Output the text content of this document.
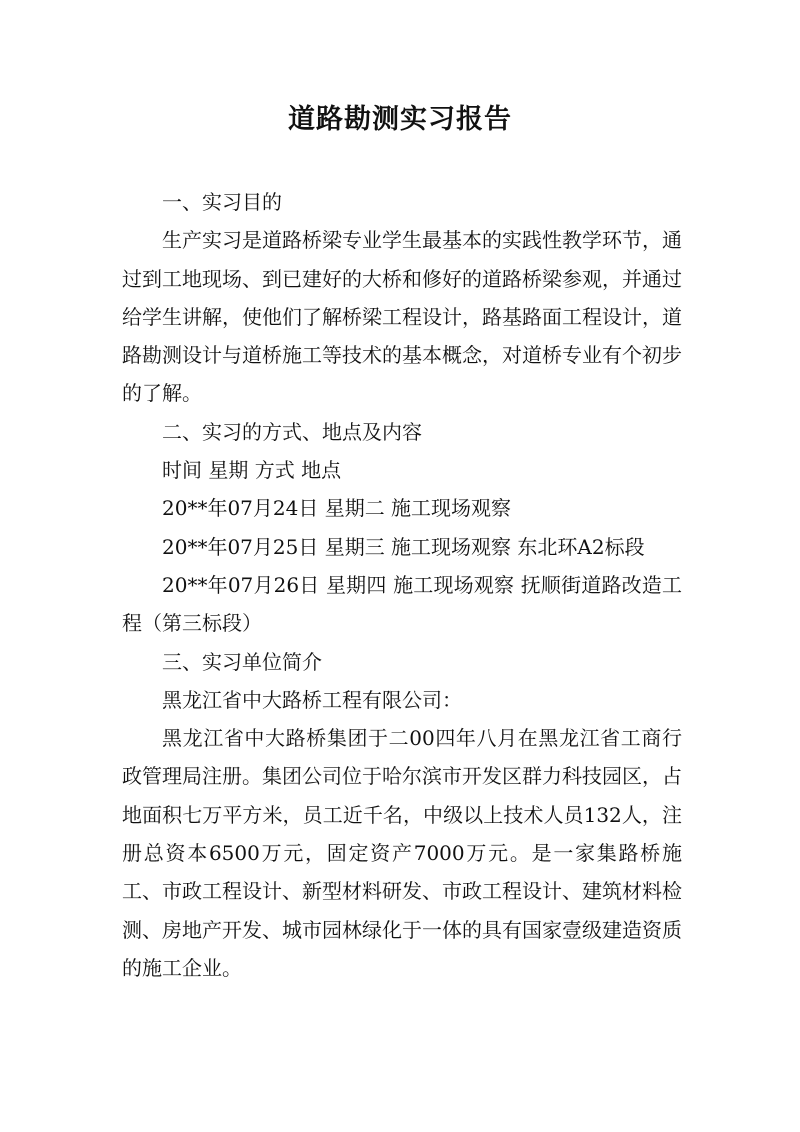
道路勘测实习报告

一、实习目的

生产实习是道路桥梁专业学生最基本的实践性教学环节，通过到工地现场、到已建好的大桥和修好的道路桥梁参观，并通过给学生讲解，使他们了解桥梁工程设计，路基路面工程设计，道路勘测设计与道桥施工等技术的基本概念，对道桥专业有个初步的了解。

二、实习的方式、地点及内容

时间 星期 方式 地点

20**年07月24日 星期二 施工现场观察

20**年07月25日 星期三 施工现场观察 东北环A2标段

20**年07月26日 星期四 施工现场观察 抚顺街道路改造工程（第三标段）

三、实习单位简介

黑龙江省中大路桥工程有限公司：

黑龙江省中大路桥集团于二00四年八月在黑龙江省工商行政管理局注册。集团公司位于哈尔滨市开发区群力科技园区，占地面积七万平方米，员工近千名，中级以上技术人员132人，注册总资本6500万元，固定资产7000万元。是一家集路桥施工、市政工程设计、新型材料研发、市政工程设计、建筑材料检测、房地产开发、城市园林绿化于一体的具有国家壹级建造资质的施工企业。
